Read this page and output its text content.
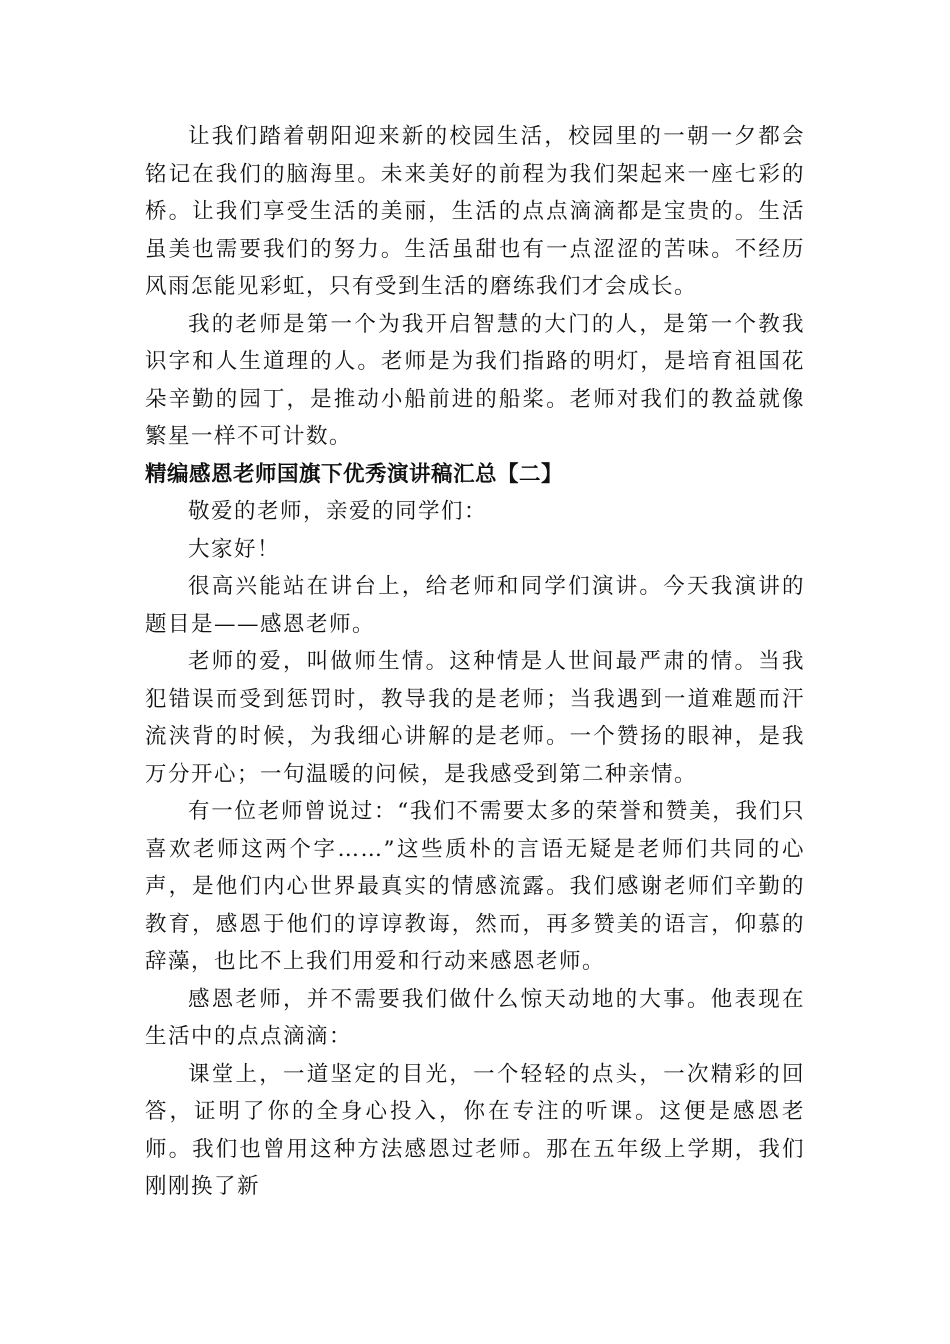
让我们踏着朝阳迎来新的校园生活，校园里的一朝一夕都会铭记在我们的脑海里。未来美好的前程为我们架起来一座七彩的桥。让我们享受生活的美丽，生活的点点滴滴都是宝贵的。生活虽美也需要我们的努力。生活虽甜也有一点涩涩的苦味。不经历风雨怎能见彩虹，只有受到生活的磨练我们才会成长。

我的老师是第一个为我开启智慧的大门的人，是第一个教我识字和人生道理的人。老师是为我们指路的明灯，是培育祖国花朵辛勤的园丁，是推动小船前进的船桨。老师对我们的教益就像繁星一样不可计数。

精编感恩老师国旗下优秀演讲稿汇总【二】

敬爱的老师，亲爱的同学们：

大家好！

很高兴能站在讲台上，给老师和同学们演讲。今天我演讲的题目是——感恩老师。

老师的爱，叫做师生情。这种情是人世间最严肃的情。当我犯错误而受到惩罚时，教导我的是老师；当我遇到一道难题而汗流浃背的时候，为我细心讲解的是老师。一个赞扬的眼神，是我万分开心；一句温暖的问候，是我感受到第二种亲情。

有一位老师曾说过：“我们不需要太多的荣誉和赞美，我们只喜欢老师这两个字……”这些质朴的言语无疑是老师们共同的心声，是他们内心世界最真实的情感流露。我们感谢老师们辛勤的教育，感恩于他们的谆谆教诲，然而，再多赞美的语言，仰慕的辞藻，也比不上我们用爱和行动来感恩老师。

感恩老师，并不需要我们做什么惊天动地的大事。他表现在生活中的点点滴滴：

课堂上，一道坚定的目光，一个轻轻的点头，一次精彩的回答，证明了你的全身心投入，你在专注的听课。这便是感恩老师。我们也曾用这种方法感恩过老师。那在五年级上学期，我们刚刚换了新
